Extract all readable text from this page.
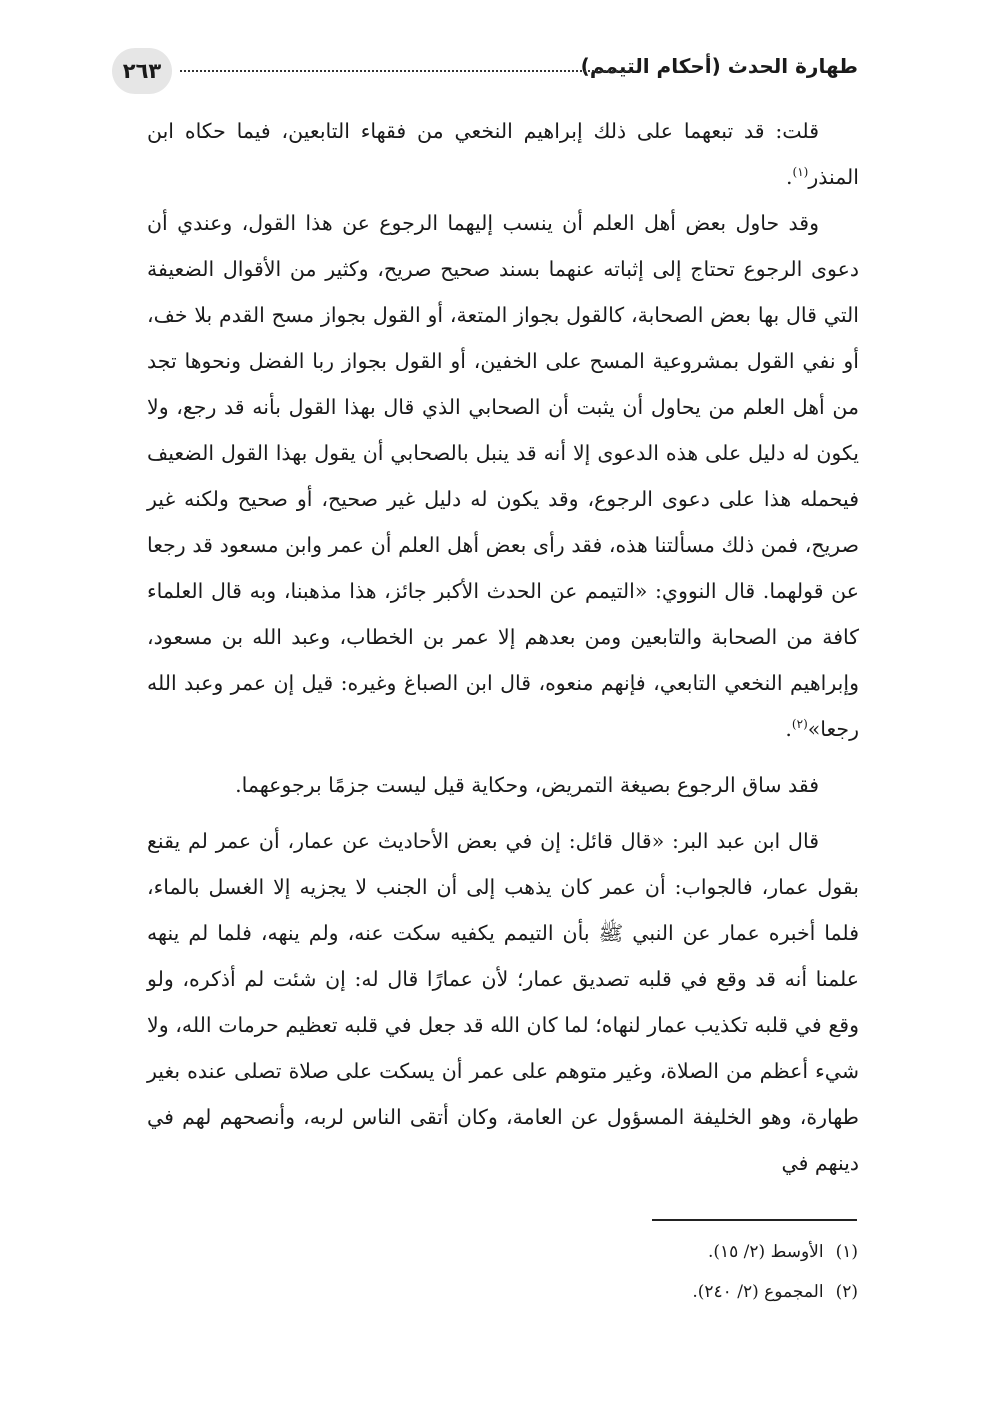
طهارة الحدث (أحكام التيمم)
٢٦٣

قلت: قد تبعهما على ذلك إبراهيم النخعي من فقهاء التابعين، فيما حكاه ابن المنذر$^{(١)}$.

وقد حاول بعض أهل العلم أن ينسب إليهما الرجوع عن هذا القول، وعندي أن دعوى الرجوع تحتاج إلى إثباته عنهما بسند صحيح صريح، وكثير من الأقوال الضعيفة التي قال بها بعض الصحابة، كالقول بجواز المتعة، أو القول بجواز مسح القدم بلا خف، أو نفي القول بمشروعية المسح على الخفين، أو القول بجواز ربا الفضل ونحوها تجد من أهل العلم من يحاول أن يثبت أن الصحابي الذي قال بهذا القول بأنه قد رجع، ولا يكون له دليل على هذه الدعوى إلا أنه قد ينبل بالصحابي أن يقول بهذا القول الضعيف فيحمله هذا على دعوى الرجوع، وقد يكون له دليل غير صحيح، أو صحيح ولكنه غير صريح، فمن ذلك مسألتنا هذه، فقد رأى بعض أهل العلم أن عمر وابن مسعود قد رجعا عن قولهما. قال النووي: «التيمم عن الحدث الأكبر جائز، هذا مذهبنا، وبه قال العلماء كافة من الصحابة والتابعين ومن بعدهم إلا عمر بن الخطاب، وعبد الله بن مسعود، وإبراهيم النخعي التابعي، فإنهم منعوه، قال ابن الصباغ وغيره: قيل إن عمر وعبد الله رجعا»$^{(٢)}$.

فقد ساق الرجوع بصيغة التمريض، وحكاية قيل ليست جزمًا برجوعهما.

قال ابن عبد البر: «قال قائل: إن في بعض الأحاديث عن عمار، أن عمر لم يقنع بقول عمار، فالجواب: أن عمر كان يذهب إلى أن الجنب لا يجزيه إلا الغسل بالماء، فلما أخبره عمار عن النبي ﷺ بأن التيمم يكفيه سكت عنه، ولم ينهه، فلما لم ينهه علمنا أنه قد وقع في قلبه تصديق عمار؛ لأن عمارًا قال له: إن شئت لم أذكره، ولو وقع في قلبه تكذيب عمار لنهاه؛ لما كان الله قد جعل في قلبه تعظيم حرمات الله، ولا شيء أعظم من الصلاة، وغير متوهم على عمر أن يسكت على صلاة تصلى عنده بغير طهارة، وهو الخليفة المسؤول عن العامة، وكان أتقى الناس لربه، وأنصحهم لهم في دينهم في

(١)الأوسط (٢/ ١٥).

(٢)المجموع (٢/ ٢٤٠).
